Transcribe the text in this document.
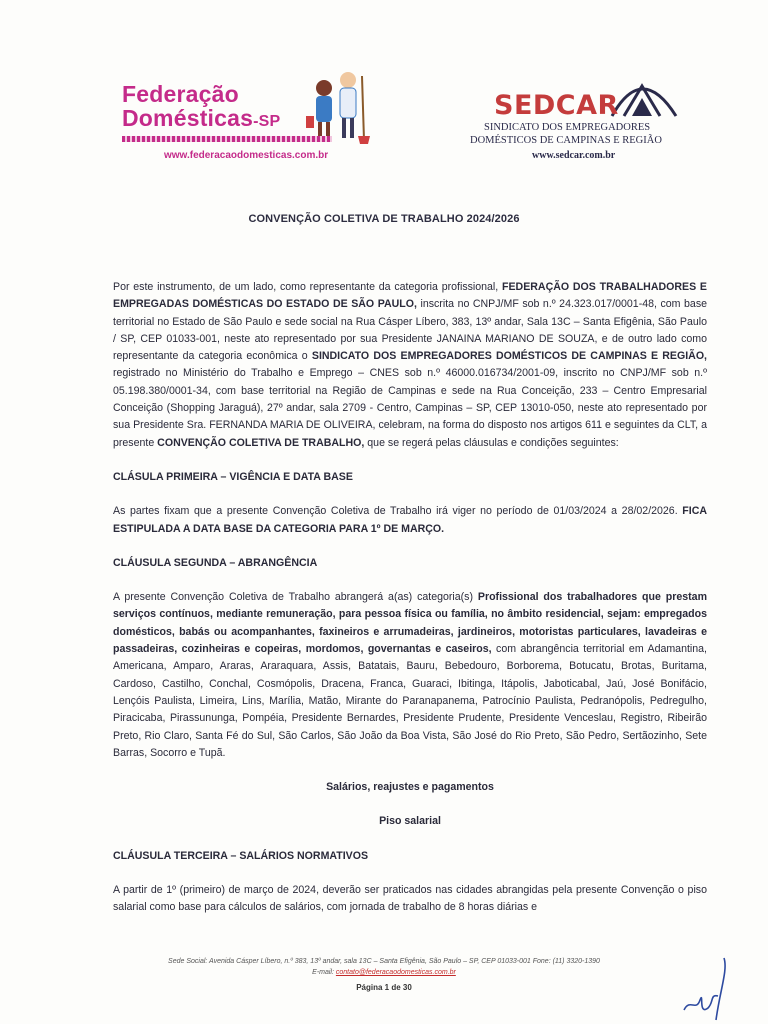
Federação
Domésticas-SP
www.federacaodomesticas.com.br
SEDCAR
SINDICATO DOS EMPREGADORES
DOMÉSTICOS DE CAMPINAS E REGIÃO
www.sedcar.com.br
CONVENÇÃO COLETIVA DE TRABALHO 2024/2026

Por este instrumento, de um lado, como representante da categoria profissional, FEDERAÇÃO DOS TRABALHADORES E EMPREGADAS DOMÉSTICAS DO ESTADO DE SÃO PAULO, inscrita no CNPJ/MF sob n.º 24.323.017/0001-48, com base territorial no Estado de São Paulo e sede social na Rua Cásper Líbero, 383, 13º andar, Sala 13C – Santa Efigênia, São Paulo / SP, CEP 01033-001, neste ato representado por sua Presidente JANAINA MARIANO DE SOUZA, e de outro lado como representante da categoria econômica o SINDICATO DOS EMPREGADORES DOMÉSTICOS DE CAMPINAS E REGIÃO, registrado no Ministério do Trabalho e Emprego – CNES sob n.º 46000.016734/2001-09, inscrito no CNPJ/MF sob n.º 05.198.380/0001-34, com base territorial na Região de Campinas e sede na Rua Conceição, 233 – Centro Empresarial Conceição (Shopping Jaraguá), 27º andar, sala 2709 - Centro, Campinas – SP, CEP 13010-050, neste ato representado por sua Presidente Sra. FERNANDA MARIA DE OLIVEIRA, celebram, na forma do disposto nos artigos 611 e seguintes da CLT, a presente CONVENÇÃO COLETIVA DE TRABALHO, que se regerá pelas cláusulas e condições seguintes:

CLÁSULA PRIMEIRA – VIGÊNCIA E DATA BASE

As partes fixam que a presente Convenção Coletiva de Trabalho irá viger no período de 01/03/2024 a 28/02/2026. FICA ESTIPULADA A DATA BASE DA CATEGORIA PARA 1º DE MARÇO.

CLÁUSULA SEGUNDA – ABRANGÊNCIA

A presente Convenção Coletiva de Trabalho abrangerá a(as) categoria(s) Profissional dos trabalhadores que prestam serviços contínuos, mediante remuneração, para pessoa física ou família, no âmbito residencial, sejam: empregados domésticos, babás ou acompanhantes, faxineiros e arrumadeiras, jardineiros, motoristas particulares, lavadeiras e passadeiras, cozinheiras e copeiras, mordomos, governantas e caseiros, com abrangência territorial em Adamantina, Americana, Amparo, Araras, Araraquara, Assis, Batatais, Bauru, Bebedouro, Borborema, Botucatu, Brotas, Buritama, Cardoso, Castilho, Conchal, Cosmópolis, Dracena, Franca, Guaraci, Ibitinga, Itápolis, Jaboticabal, Jaú, José Bonifácio, Lençóis Paulista, Limeira, Lins, Marília, Matão, Mirante do Paranapanema, Patrocínio Paulista, Pedranópolis, Pedregulho, Piracicaba, Pirassununga, Pompéia, Presidente Bernardes, Presidente Prudente, Presidente Venceslau, Registro, Ribeirão Preto, Rio Claro, Santa Fé do Sul, São Carlos, São João da Boa Vista, São José do Rio Preto, São Pedro, Sertãozinho, Sete Barras, Socorro e Tupã.

Salários, reajustes e pagamentos

Piso salarial

CLÁUSULA TERCEIRA – SALÁRIOS NORMATIVOS

A partir de 1º (primeiro) de março de 2024, deverão ser praticados nas cidades abrangidas pela presente Convenção o piso salarial como base para cálculos de salários, com jornada de trabalho de 8 horas diárias e

Sede Social: Avenida Cásper Líbero, n.º 383, 13º andar, sala 13C – Santa Efigênia, São Paulo – SP, CEP 01033-001 Fone: (11) 3320-1390
E-mail: contato@federacaodomesticas.com.br
Página 1 de 30
